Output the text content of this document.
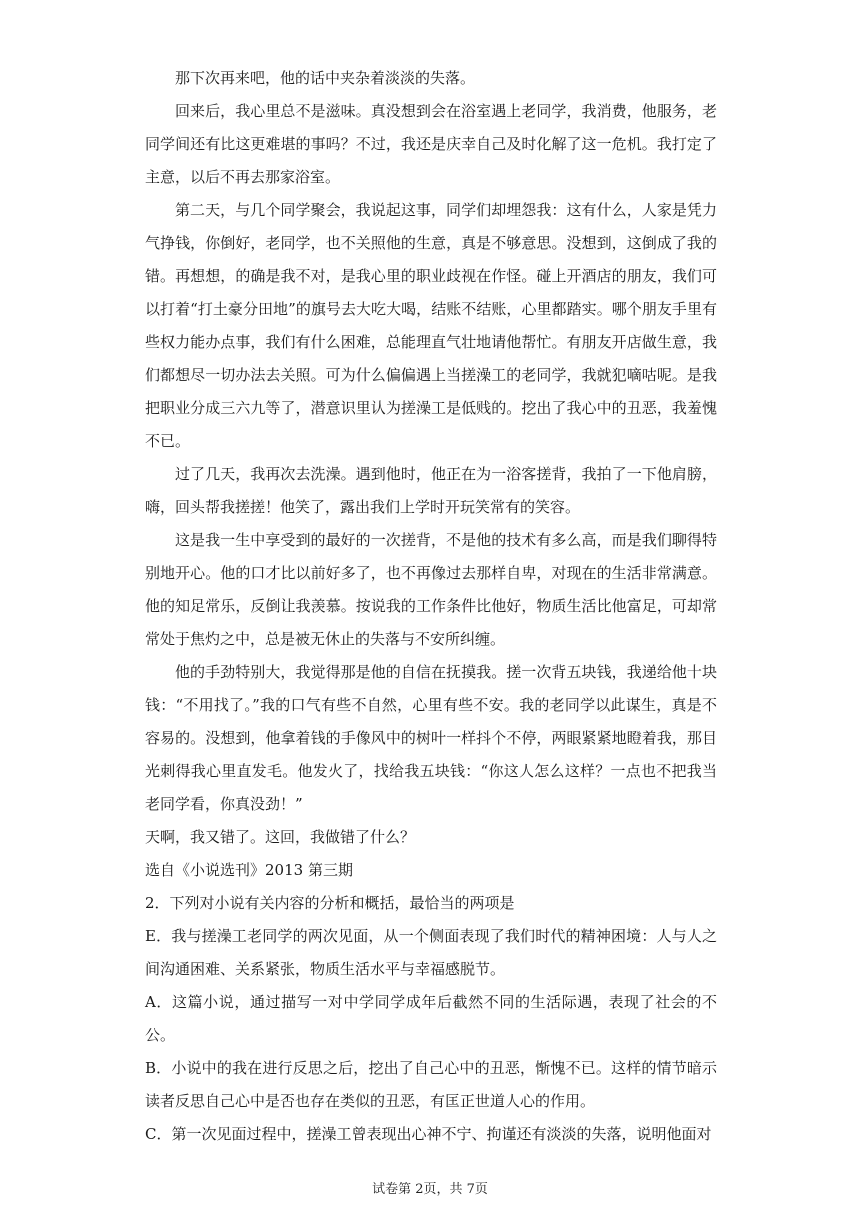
那下次再来吧，他的话中夹杂着淡淡的失落。

回来后，我心里总不是滋味。真没想到会在浴室遇上老同学，我消费，他服务，老同学间还有比这更难堪的事吗？不过，我还是庆幸自己及时化解了这一危机。我打定了主意，以后不再去那家浴室。

第二天，与几个同学聚会，我说起这事，同学们却埋怨我：这有什么，人家是凭力气挣钱，你倒好，老同学，也不关照他的生意，真是不够意思。没想到，这倒成了我的错。再想想，的确是我不对，是我心里的职业歧视在作怪。碰上开酒店的朋友，我们可以打着“打土豪分田地”的旗号去大吃大喝，结账不结账，心里都踏实。哪个朋友手里有些权力能办点事，我们有什么困难，总能理直气壮地请他帮忙。有朋友开店做生意，我们都想尽一切办法去关照。可为什么偏偏遇上当搓澡工的老同学，我就犯嘀咕呢。是我把职业分成三六九等了，潜意识里认为搓澡工是低贱的。挖出了我心中的丑恶，我羞愧不已。

过了几天，我再次去洗澡。遇到他时，他正在为一浴客搓背，我拍了一下他肩膀，嗨，回头帮我搓搓！他笑了，露出我们上学时开玩笑常有的笑容。

这是我一生中享受到的最好的一次搓背，不是他的技术有多么高，而是我们聊得特别地开心。他的口才比以前好多了，也不再像过去那样自卑，对现在的生活非常满意。他的知足常乐，反倒让我羡慕。按说我的工作条件比他好，物质生活比他富足，可却常常处于焦灼之中，总是被无休止的失落与不安所纠缠。

他的手劲特别大，我觉得那是他的自信在抚摸我。搓一次背五块钱，我递给他十块钱：“不用找了。”我的口气有些不自然，心里有些不安。我的老同学以此谋生，真是不容易的。没想到，他拿着钱的手像风中的树叶一样抖个不停，两眼紧紧地瞪着我，那目光刺得我心里直发毛。他发火了，找给我五块钱：“你这人怎么这样？一点也不把我当老同学看，你真没劲！”

天啊，我又错了。这回，我做错了什么？

选自《小说选刊》2013 第三期

2．下列对小说有关内容的分析和概括，最恰当的两项是

E．我与搓澡工老同学的两次见面，从一个侧面表现了我们时代的精神困境：人与人之间沟通困难、关系紧张，物质生活水平与幸福感脱节。

A．这篇小说，通过描写一对中学同学成年后截然不同的生活际遇，表现了社会的不公。

B．小说中的我在进行反思之后，挖出了自己心中的丑恶，惭愧不已。这样的情节暗示读者反思自己心中是否也存在类似的丑恶，有匡正世道人心的作用。

C．第一次见面过程中，搓澡工曾表现出心神不宁、拘谨还有淡淡的失落，说明他面对

试卷第 2页，共 7页
